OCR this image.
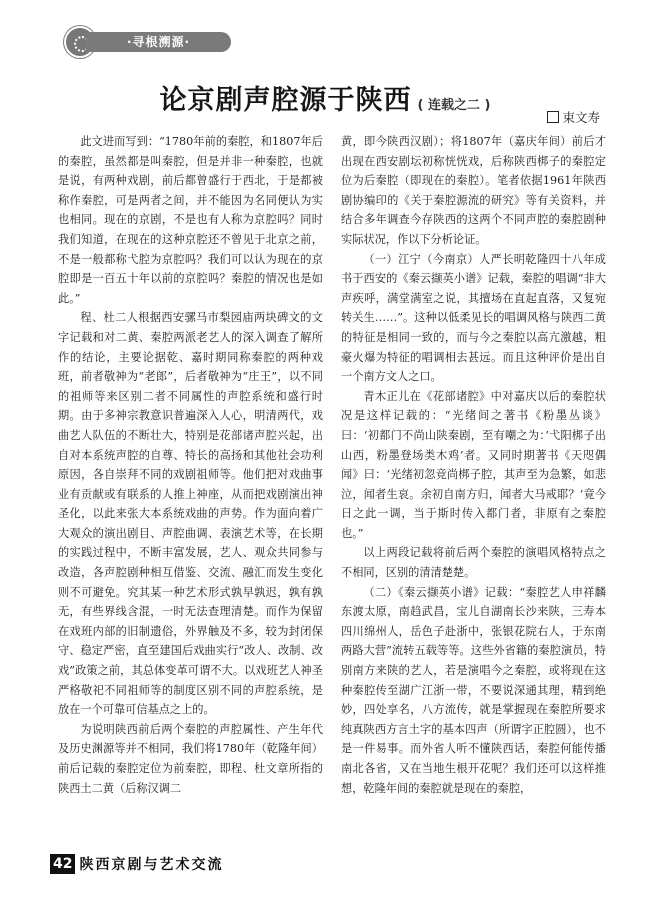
·寻根溯源·
论京剧声腔源于陕西 ( 连载之二 )
束文寿

此文进而写到：“1780年前的秦腔，和1807年后的秦腔，虽然都是叫秦腔，但是并非一种秦腔，也就是说，有两种戏剧，前后都曾盛行于西北，于是都被称作秦腔，可是两者之间，并不能因为名同便认为实也相同。现在的京剧，不是也有人称为京腔吗？同时我们知道，在现在的这种京腔还不曾见于北京之前，不是一般都称弋腔为京腔吗？我们可以认为现在的京腔即是一百五十年以前的京腔吗？秦腔的情况也是如此。”

程、杜二人根据西安骡马市梨园庙两块碑文的文字记载和对二黄、秦腔两派老艺人的深入调查了解所作的结论，主要论据乾、嘉时期同称秦腔的两种戏班，前者敬神为“老郎”，后者敬神为“庄王”，以不同的祖师等来区别二者不同属性的声腔系统和盛行时期。由于多神宗教意识普遍深入人心，明清两代，戏曲艺人队伍的不断壮大，特别是花部诸声腔兴起，出自对本系统声腔的自尊、特长的高扬和其他社会功利原因，各自崇拜不同的戏剧祖师等。他们把对戏曲事业有贡献或有联系的人推上神座，从而把戏剧演出神圣化，以此来张大本系统戏曲的声势。作为面向着广大观众的演出剧目、声腔曲调、表演艺术等，在长期的实践过程中，不断丰富发展，艺人、观众共同参与改造，各声腔剧种相互借鉴、交流、融汇而发生变化则不可避免。究其某一种艺术形式孰早孰迟，孰有孰无，有些界线含混，一时无法查理清楚。而作为保留在戏班内部的旧制遗俗，外界触及不多，较为封闭保守、稳定严密，直至建国后戏曲实行“改人、改制、改戏”政策之前，其总体变革可谓不大。以戏班艺人神圣严格敬祀不同祖师等的制度区别不同的声腔系统，是放在一个可靠可信基点之上的。

为说明陕西前后两个秦腔的声腔属性、产生年代及历史渊源等并不相同，我们将1780年（乾隆年间）前后记载的秦腔定位为前秦腔，即程、杜文章所指的陕西土二黄（后称汉调二

黄，即今陕西汉剧）；将1807年（嘉庆年间）前后才出现在西安剧坛初称恍恍戏，后称陕西梆子的秦腔定位为后秦腔（即现在的秦腔）。笔者依据1961年陕西剧协编印的《关于秦腔源流的研究》等有关资料，并结合多年调查今存陕西的这两个不同声腔的秦腔剧种实际状况，作以下分析论证。

（一）江宁（今南京）人严长明乾隆四十八年成书于西安的《秦云撷英小谱》记载，秦腔的唱调“非大声疾呼，满堂满室之说，其擅场在直起直落，又复宛转关生……”。这种以低柔见长的唱调风格与陕西二黄的特征是相同一致的，而与今之秦腔以高亢激越，粗豪火爆为特征的唱调相去甚远。而且这种评价是出自一个南方文人之口。

青木正儿在《花部诸腔》中对嘉庆以后的秦腔状况是这样记载的：“光绪间之著书《粉墨丛谈》曰：‘初都门不尚山陕秦剧，至有嘲之为：’弋阳梆子出山西，粉墨登场类木鸡’者。又同时期著书《天咫偶闻》曰：‘光绪初忽竞尚梆子腔，其声至为急繁，如悲泣，闻者生哀。余初自南方归，闻者大马戒耶？’竟今日之此一调，当于斯时传入都门者，非原有之秦腔也。”

以上两段记载将前后两个秦腔的演唱风格特点之不相同，区别的清清楚楚。

（二）《秦云撷英小谱》记载：“秦腔艺人申祥麟东渡太原，南趋武昌，宝儿自湖南长沙来陕，三寿本四川绵州人，岳色子赴浙中，张银花院右人，于东南两路大营”流转五载等等。这些外省籍的秦腔演员，特别南方来陕的艺人，若是演唱今之秦腔，或将现在这种秦腔传至湖广江浙一带，不要说深通其理，精到绝妙，四处享名，八方流传，就是掌握现在秦腔所要求纯真陕西方言土字的基本四声（所谓字正腔圆），也不是一件易事。而外省人听不懂陕西话，秦腔何能传播南北各省，又在当地生根开花呢？我们还可以这样推想，乾隆年间的秦腔就是现在的秦腔，

42 陕西京剧与艺术交流
